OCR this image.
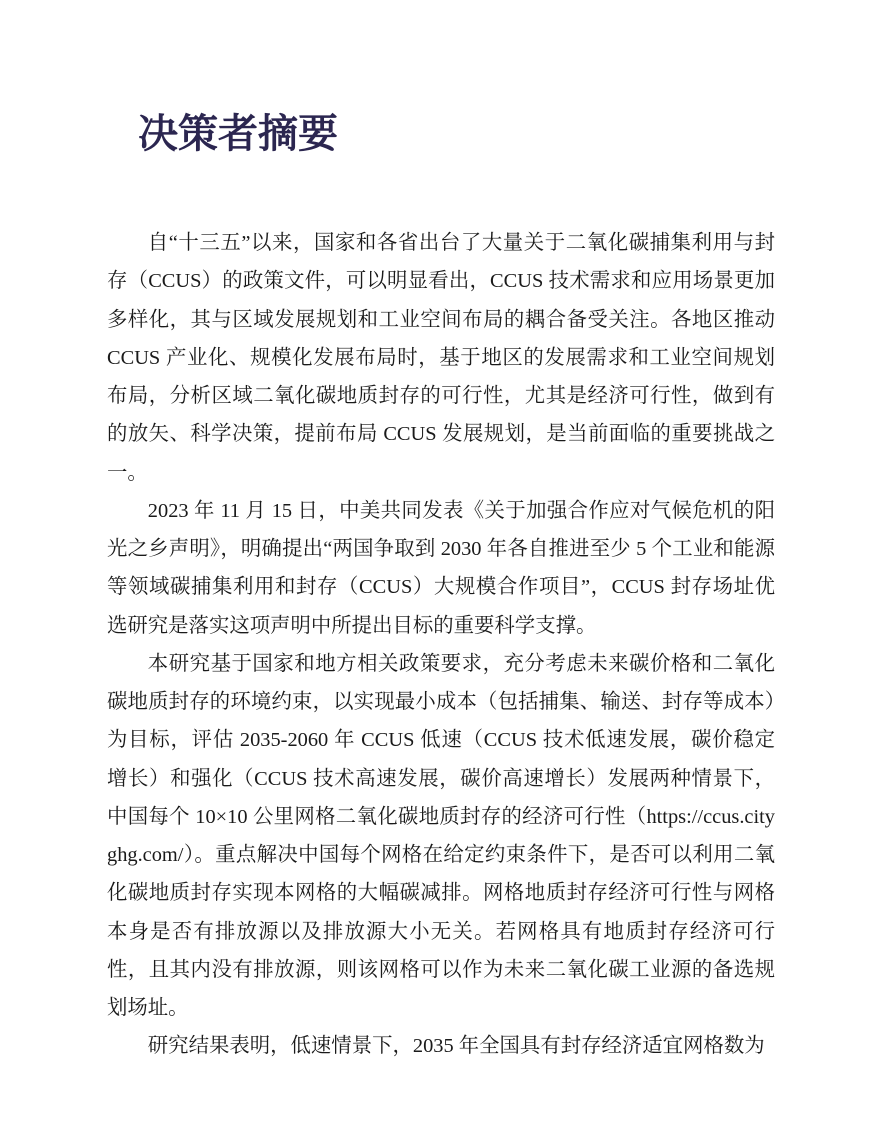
决策者摘要

自“十三五”以来，国家和各省出台了大量关于二氧化碳捕集利用与封存（CCUS）的政策文件，可以明显看出，CCUS 技术需求和应用场景更加多样化，其与区域发展规划和工业空间布局的耦合备受关注。各地区推动 CCUS 产业化、规模化发展布局时，基于地区的发展需求和工业空间规划布局，分析区域二氧化碳地质封存的可行性，尤其是经济可行性，做到有的放矢、科学决策，提前布局 CCUS 发展规划，是当前面临的重要挑战之一。

2023 年 11 月 15 日，中美共同发表《关于加强合作应对气候危机的阳光之乡声明》，明确提出“两国争取到 2030 年各自推进至少 5 个工业和能源等领域碳捕集利用和封存（CCUS）大规模合作项目”，CCUS 封存场址优选研究是落实这项声明中所提出目标的重要科学支撑。

本研究基于国家和地方相关政策要求，充分考虑未来碳价格和二氧化碳地质封存的环境约束，以实现最小成本（包括捕集、输送、封存等成本）为目标，评估 2035-2060 年 CCUS 低速（CCUS 技术低速发展，碳价稳定增长）和强化（CCUS 技术高速发展，碳价高速增长）发展两种情景下，中国每个 10×10 公里网格二氧化碳地质封存的经济可行性（https://ccus.cityghg.com/）。重点解决中国每个网格在给定约束条件下，是否可以利用二氧化碳地质封存实现本网格的大幅碳减排。网格地质封存经济可行性与网格本身是否有排放源以及排放源大小无关。若网格具有地质封存经济可行性，且其内没有排放源，则该网格可以作为未来二氧化碳工业源的备选规划场址。

研究结果表明，低速情景下，2035 年全国具有封存经济适宜网格数为
